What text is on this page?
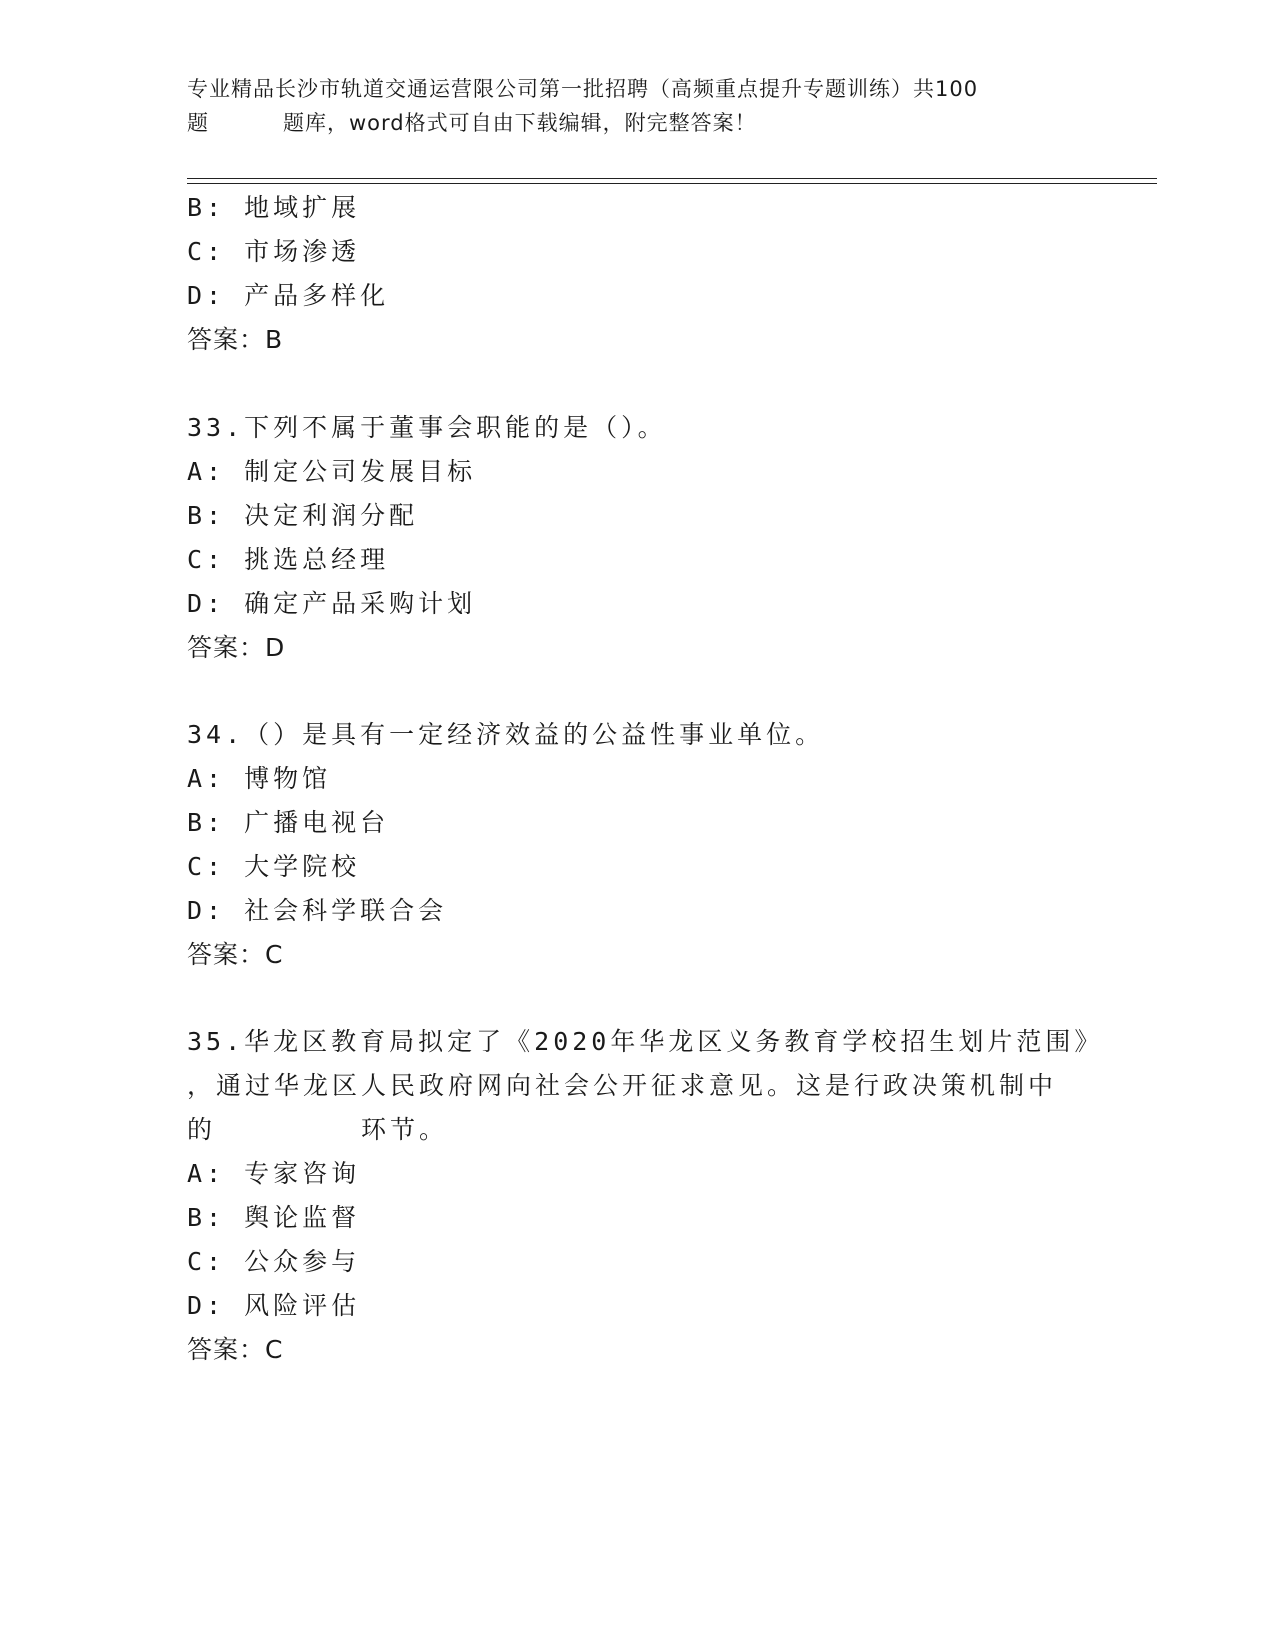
专业精品长沙市轨道交通运营限公司第一批招聘（高频重点提升专题训练）共100
题	题库，word格式可自由下载编辑，附完整答案！
B: 地域扩展
C: 市场渗透
D: 产品多样化
答案：B
33.下列不属于董事会职能的是（）。
A: 制定公司发展目标
B: 决定利润分配
C: 挑选总经理
D: 确定产品采购计划
答案：D
34.（）是具有一定经济效益的公益性事业单位。
A: 博物馆
B: 广播电视台
C: 大学院校
D: 社会科学联合会
答案：C
35.华龙区教育局拟定了《2020年华龙区义务教育学校招生划片范围》
，通过华龙区人民政府网向社会公开征求意见。这是行政决策机制中
的	环节。
A: 专家咨询
B: 舆论监督
C: 公众参与
D: 风险评估
答案：C
